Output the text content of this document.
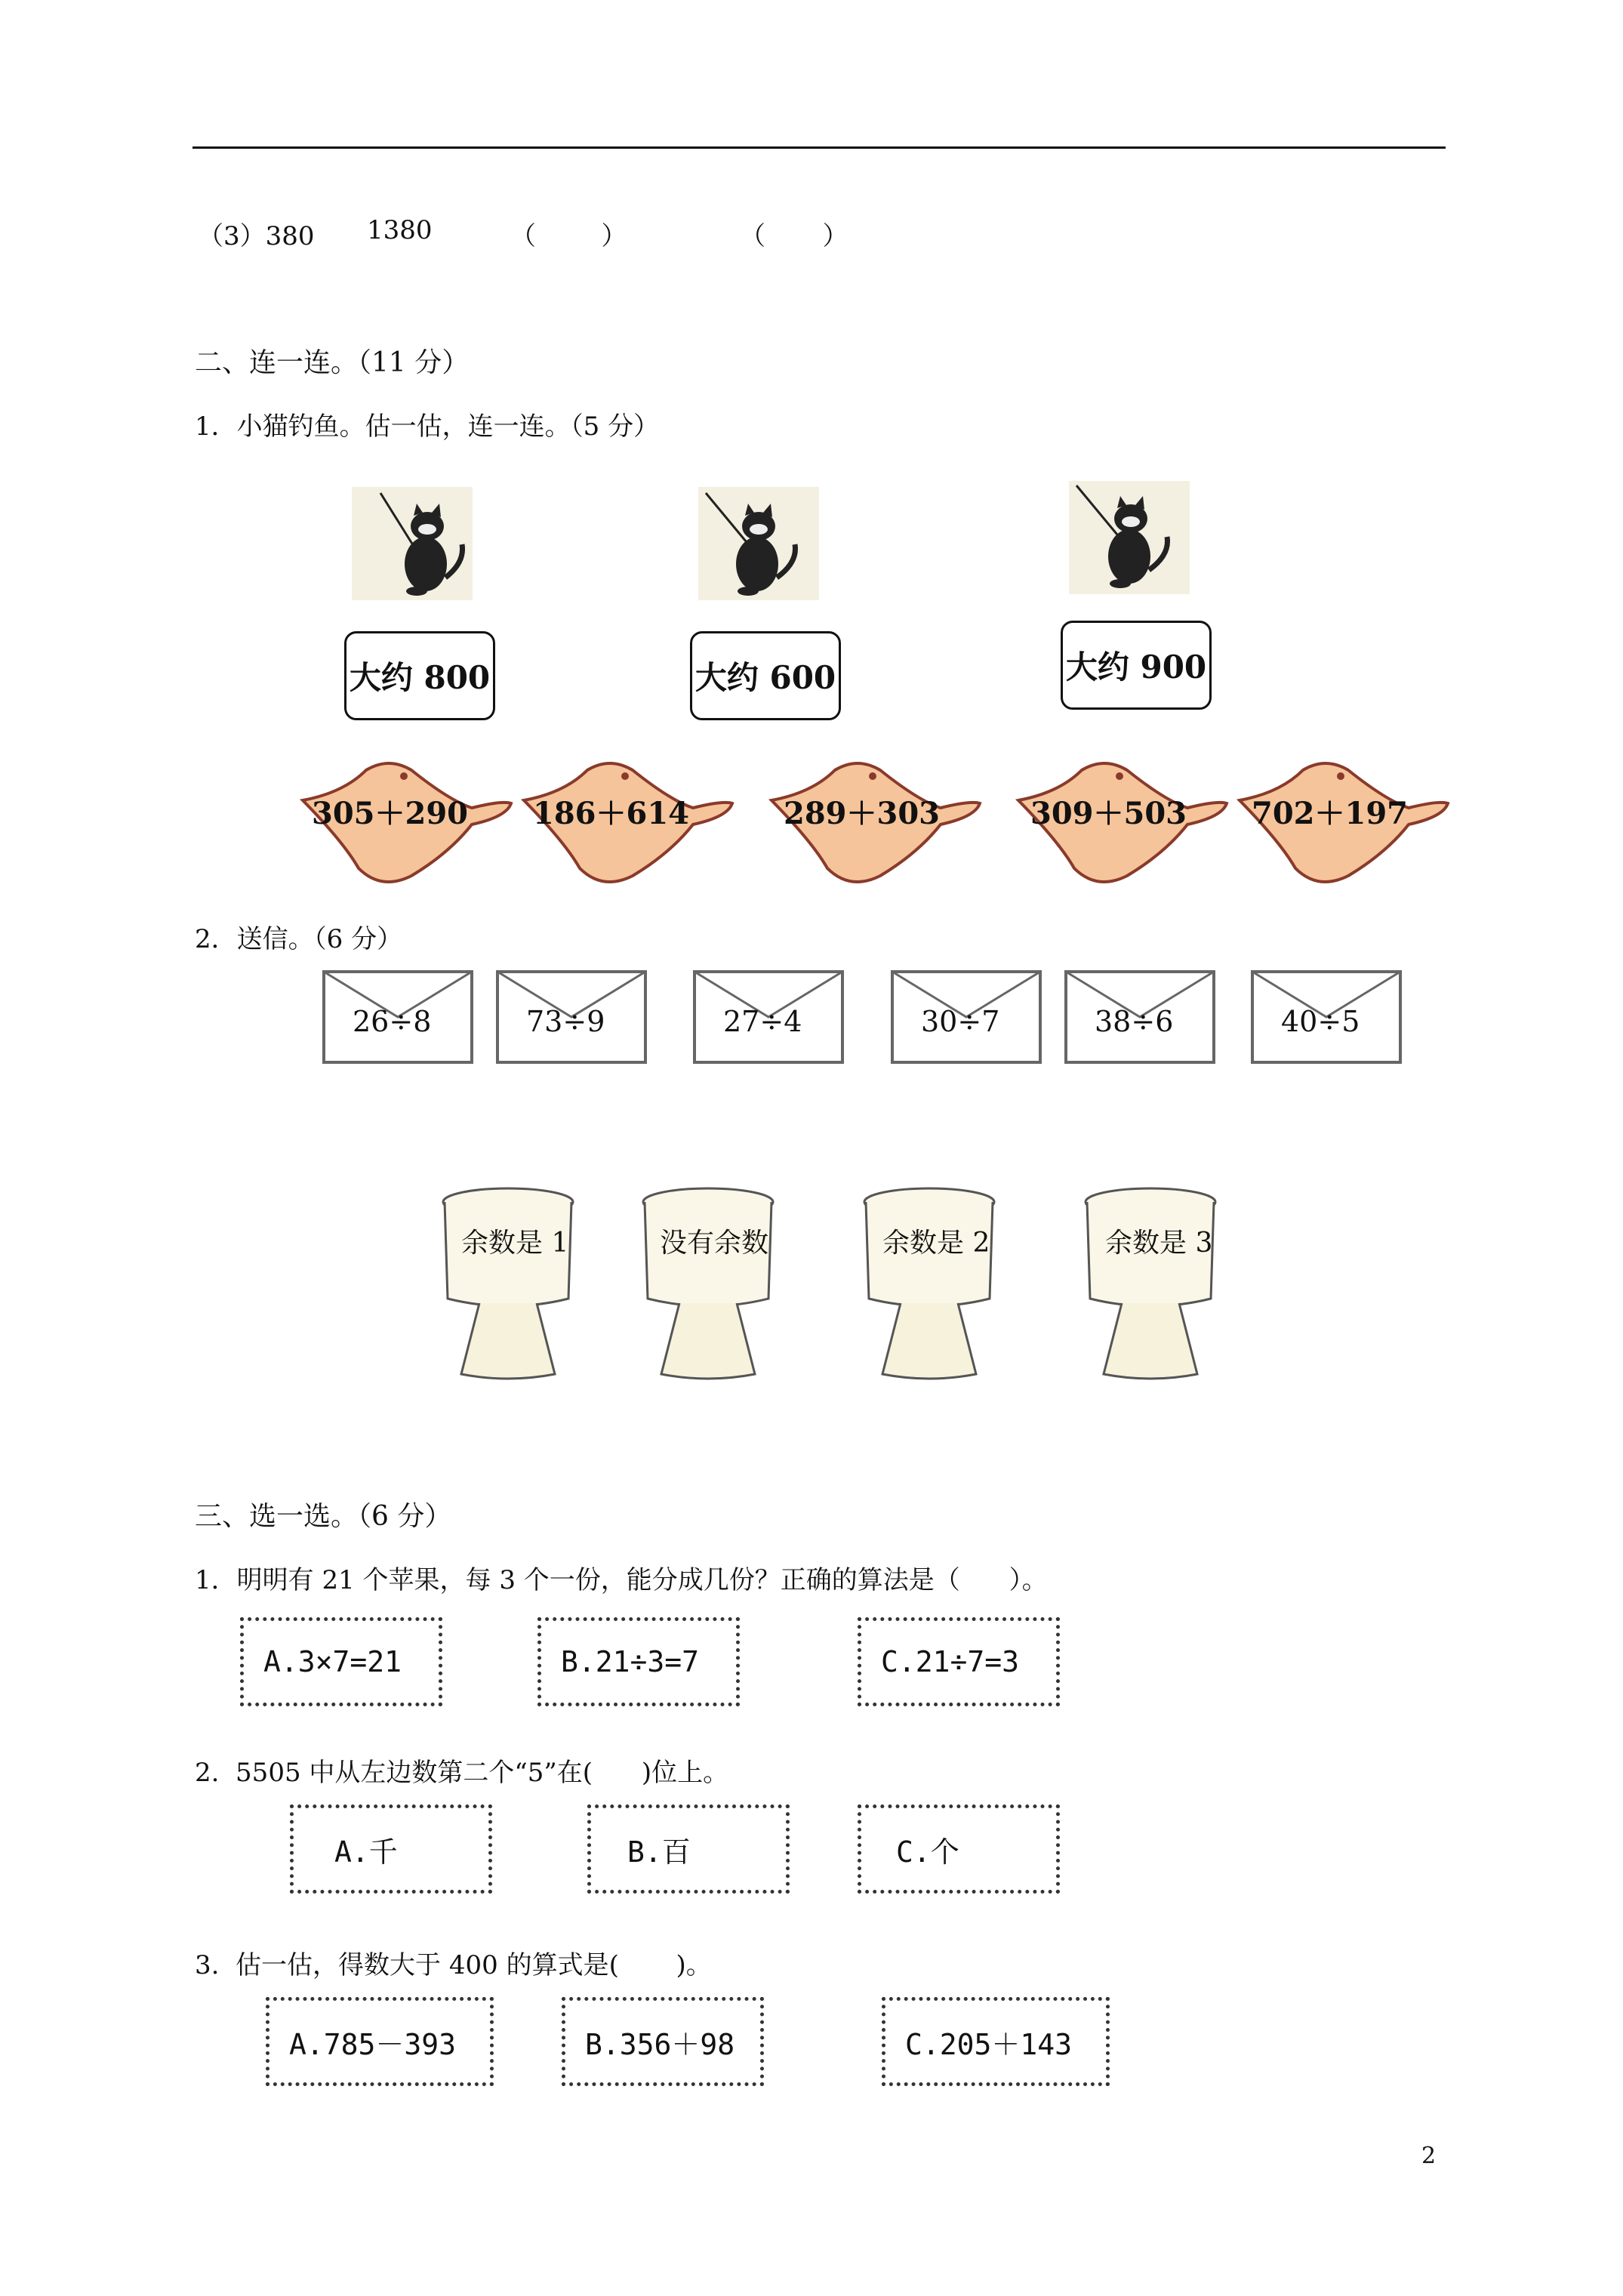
（3）380 1380	（        ）	（       ）
二、连一连。（11 分）
1．小猫钓鱼。估一估，连一连。（5 分）
大约 800	大约 600	大约 900
305＋290 186＋614	289＋303	309＋503 702＋197
2．送信。（6 分）
26÷8	73÷9	27÷4	30÷7	38÷6	40÷5
余数是 1	没有余数	余数是 2	余数是 3
三、选一选。（6 分）
1．明明有 21 个苹果，每 3 个一份，能分成几份？正确的算法是（      ）。
A.3×7=21	B.21÷3=7	C.21÷7=3
2.  5505 中从左边数第二个“5”在(      )位上。
A.千	B.百	C.个
3.  估一估，得数大于 400 的算式是(       )。
A.785－393	B.356＋98	C.205＋143
2
